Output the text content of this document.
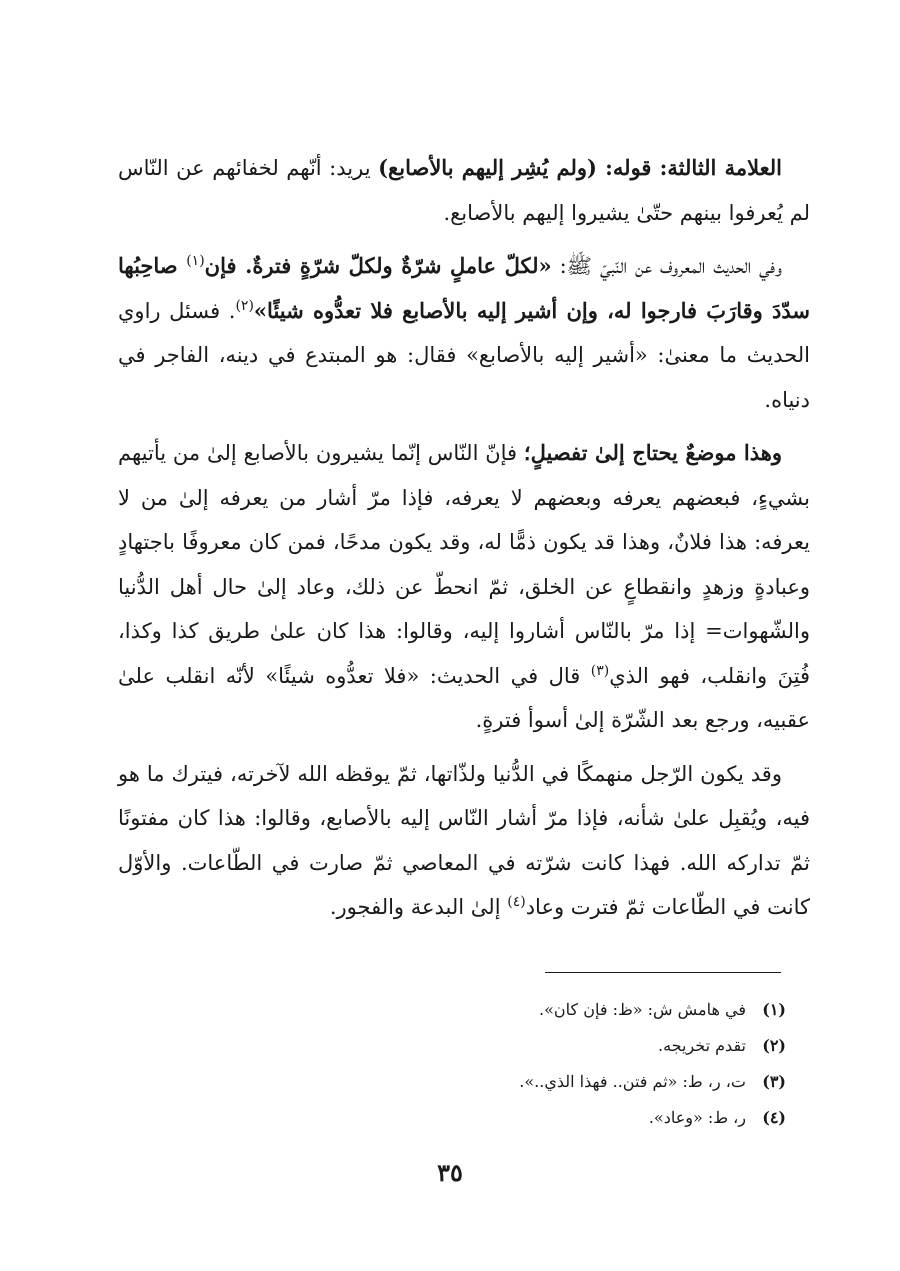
العلامة الثالثة: قوله: (ولم يُشِر إليهم بالأصابع) يريد: أنّهم لخفائهم عن النّاس لم يُعرفوا بينهم حتّىٰ يشيروا إليهم بالأصابع.

وفي الحديث المعروف عن النّبيّ ﷺ: «لكلّ عاملٍ شرّةٌ ولكلّ شرّةٍ فترةٌ. فإن$^{(١)}$ صاحِبُها سدّدَ وقارَبَ فارجوا له، وإن أشير إليه بالأصابع فلا تعدُّوه شيئًا»$^{(٢)}$. فسئل راوي الحديث ما معنىٰ: «أشير إليه بالأصابع» فقال: هو المبتدع في دينه، الفاجر في دنياه.

وهذا موضعٌ يحتاج إلىٰ تفصيلٍ؛ فإنّ النّاس إنّما يشيرون بالأصابع إلىٰ من يأتيهم بشيءٍ، فبعضهم يعرفه وبعضهم لا يعرفه، فإذا مرّ أشار من يعرفه إلىٰ من لا يعرفه: هذا فلانٌ، وهذا قد يكون ذمًّا له، وقد يكون مدحًا، فمن كان معروفًا باجتهادٍ وعبادةٍ وزهدٍ وانقطاعٍ عن الخلق، ثمّ انحطّ عن ذلك، وعاد إلىٰ حال أهل الدُّنيا والشّهوات= إذا مرّ بالنّاس أشاروا إليه، وقالوا: هذا كان علىٰ طريق كذا وكذا، فُتِنَ وانقلب، فهو الذي$^{(٣)}$ قال في الحديث: «فلا تعدُّوه شيئًا» لأنّه انقلب علىٰ عقبيه، ورجع بعد الشّرّة إلىٰ أسوأ فترةٍ.

وقد يكون الرّجل منهمكًا في الدُّنيا ولذّاتها، ثمّ يوقظه الله لآخرته، فيترك ما هو فيه، ويُقبِل علىٰ شأنه، فإذا مرّ أشار النّاس إليه بالأصابع، وقالوا: هذا كان مفتونًا ثمّ تداركه الله. فهذا كانت شرّته في المعاصي ثمّ صارت في الطّاعات. والأوّل كانت في الطّاعات ثمّ فترت وعاد$^{(٤)}$ إلىٰ البدعة والفجور.

(١)في هامش ش: «ظ: فإن كان».
(٢)تقدم تخريجه.
(٣)ت، ر، ط: «ثم فتن.. فهذا الذي..».
(٤)ر، ط: «وعاد».
٣٥
